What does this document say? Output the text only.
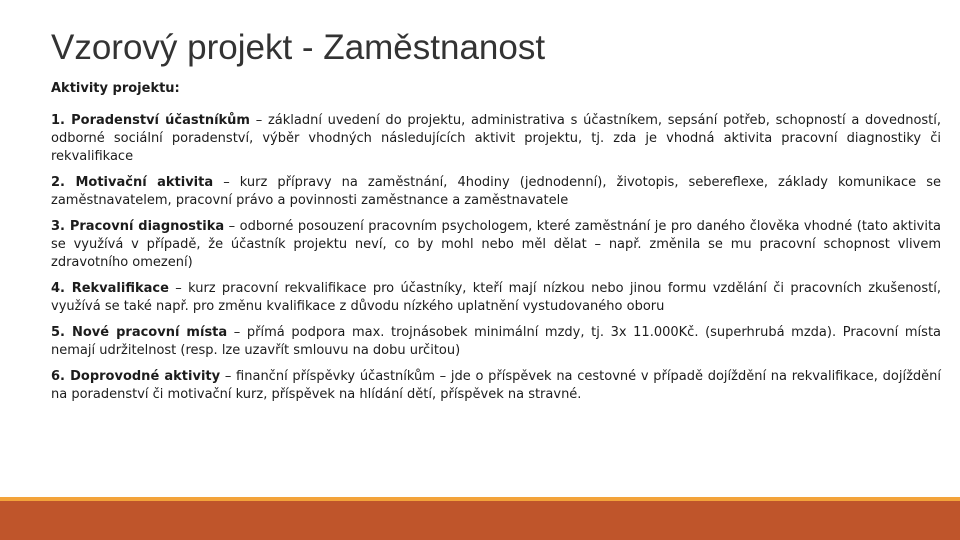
Vzorový projekt - Zaměstnanost

Aktivity projektu:

1. Poradenství účastníkům – základní uvedení do projektu, administrativa s účastníkem, sepsání potřeb, schopností a dovedností, odborné sociální poradenství, výběr vhodných následujících aktivit projektu, tj. zda je vhodná aktivita pracovní diagnostiky či rekvalifikace

2. Motivační aktivita – kurz přípravy na zaměstnání, 4hodiny (jednodenní), životopis, sebereflexe, základy komunikace se zaměstnavatelem, pracovní právo a povinnosti zaměstnance a zaměstnavatele

3. Pracovní diagnostika – odborné posouzení pracovním psychologem, které zaměstnání je pro daného člověka vhodné (tato aktivita se využívá v případě, že účastník projektu neví, co by mohl nebo měl dělat – např. změnila se mu pracovní schopnost vlivem zdravotního omezení)

4. Rekvalifikace – kurz pracovní rekvalifikace pro účastníky, kteří mají nízkou nebo jinou formu vzdělání či pracovních zkušeností, využívá se také např. pro změnu kvalifikace z důvodu nízkého uplatnění vystudovaného oboru

5. Nové pracovní místa – přímá podpora max. trojnásobek minimální mzdy, tj. 3x 11.000Kč. (superhrubá mzda). Pracovní místa nemají udržitelnost (resp. lze uzavřít smlouvu na dobu určitou)

6. Doprovodné aktivity – finanční příspěvky účastníkům – jde o příspěvek na cestovné v případě dojíždění na rekvalifikace, dojíždění na poradenství či motivační kurz, příspěvek na hlídání dětí, příspěvek na stravné.
